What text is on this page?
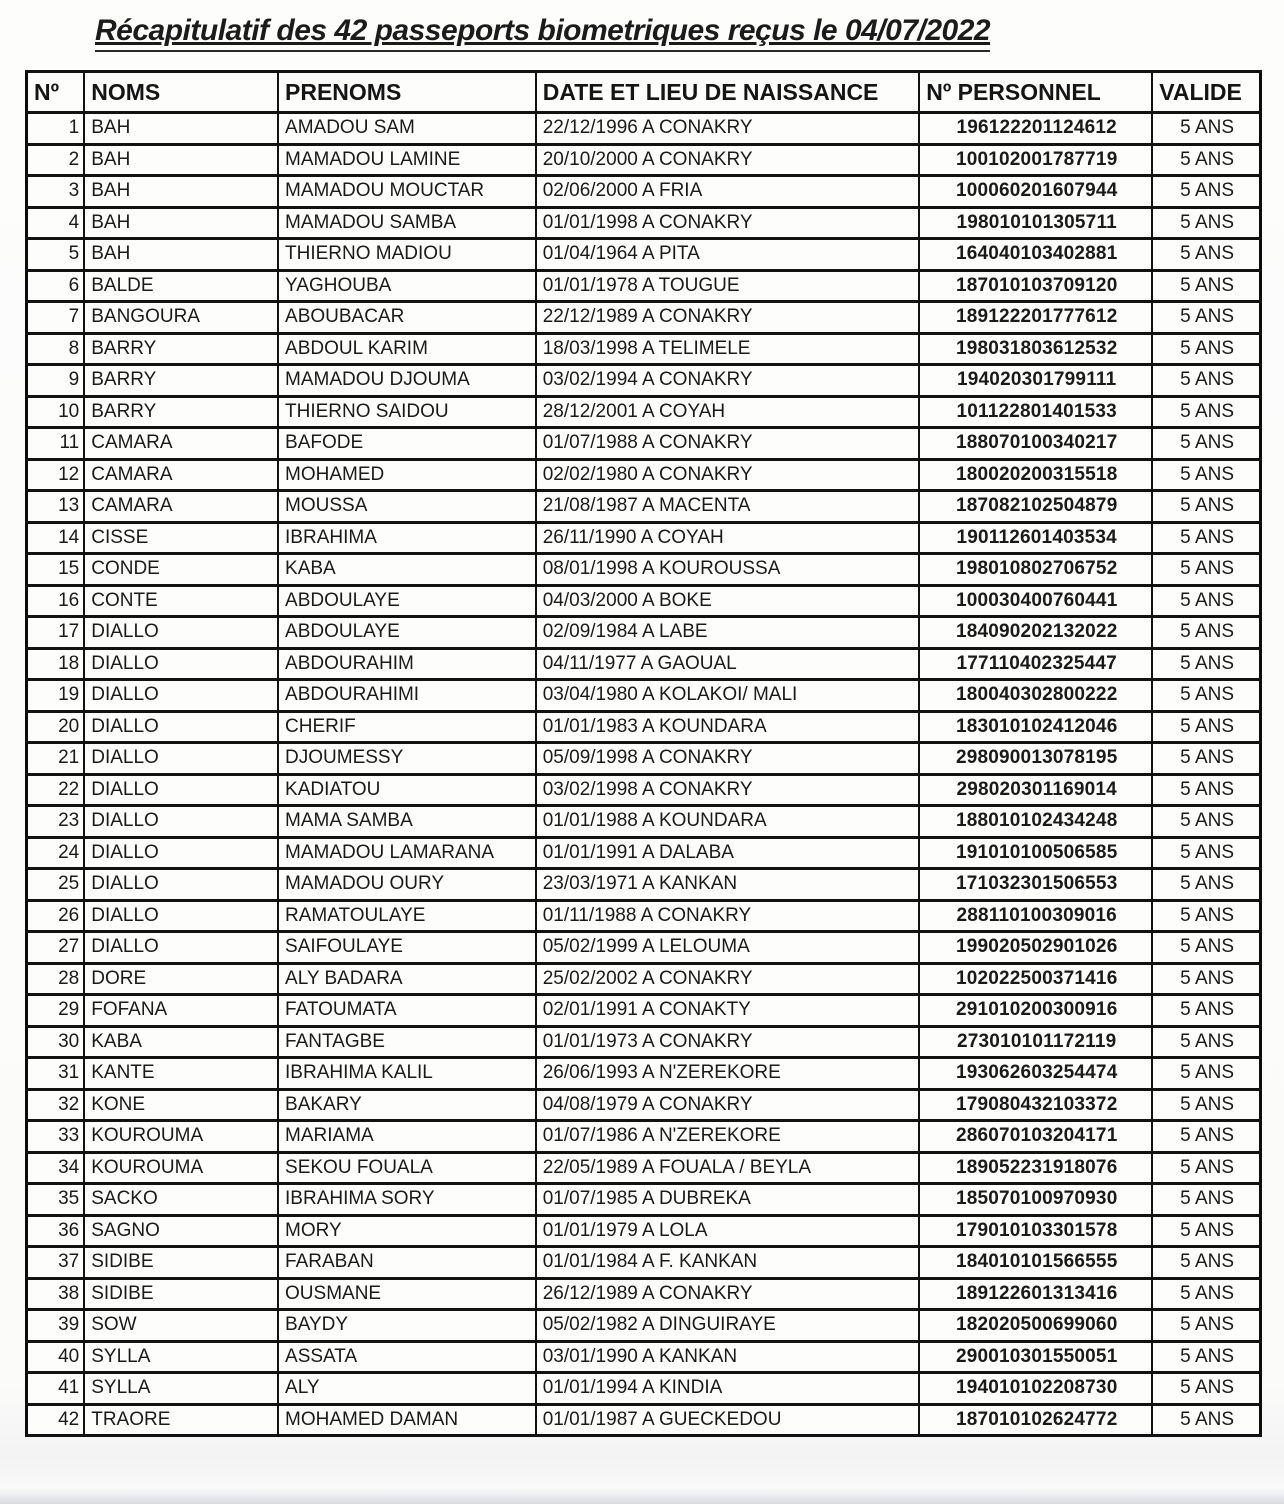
Récapitulatif des 42 passeports biometriques reçus le 04/07/2022
Nº	NOMS	PRENOMS	DATE ET LIEU DE NAISSANCE	Nº PERSONNEL	VALIDE
1	BAH	AMADOU SAM	22/12/1996 A CONAKRY	196122201124612	5 ANS
2	BAH	MAMADOU LAMINE	20/10/2000 A CONAKRY	100102001787719	5 ANS
3	BAH	MAMADOU MOUCTAR	02/06/2000 A FRIA	100060201607944	5 ANS
4	BAH	MAMADOU SAMBA	01/01/1998 A CONAKRY	198010101305711	5 ANS
5	BAH	THIERNO MADIOU	01/04/1964 A PITA	164040103402881	5 ANS
6	BALDE	YAGHOUBA	01/01/1978 A TOUGUE	187010103709120	5 ANS
7	BANGOURA	ABOUBACAR	22/12/1989 A CONAKRY	189122201777612	5 ANS
8	BARRY	ABDOUL KARIM	18/03/1998 A TELIMELE	198031803612532	5 ANS
9	BARRY	MAMADOU DJOUMA	03/02/1994 A CONAKRY	194020301799111	5 ANS
10	BARRY	THIERNO SAIDOU	28/12/2001 A COYAH	101122801401533	5 ANS
11	CAMARA	BAFODE	01/07/1988 A CONAKRY	188070100340217	5 ANS
12	CAMARA	MOHAMED	02/02/1980 A CONAKRY	180020200315518	5 ANS
13	CAMARA	MOUSSA	21/08/1987 A MACENTA	187082102504879	5 ANS
14	CISSE	IBRAHIMA	26/11/1990 A COYAH	190112601403534	5 ANS
15	CONDE	KABA	08/01/1998 A KOUROUSSA	198010802706752	5 ANS
16	CONTE	ABDOULAYE	04/03/2000 A BOKE	100030400760441	5 ANS
17	DIALLO	ABDOULAYE	02/09/1984 A LABE	184090202132022	5 ANS
18	DIALLO	ABDOURAHIM	04/11/1977 A GAOUAL	177110402325447	5 ANS
19	DIALLO	ABDOURAHIMI	03/04/1980 A KOLAKOI/ MALI	180040302800222	5 ANS
20	DIALLO	CHERIF	01/01/1983 A KOUNDARA	183010102412046	5 ANS
21	DIALLO	DJOUMESSY	05/09/1998 A CONAKRY	298090013078195	5 ANS
22	DIALLO	KADIATOU	03/02/1998 A CONAKRY	298020301169014	5 ANS
23	DIALLO	MAMA SAMBA	01/01/1988 A KOUNDARA	188010102434248	5 ANS
24	DIALLO	MAMADOU LAMARANA	01/01/1991 A DALABA	191010100506585	5 ANS
25	DIALLO	MAMADOU OURY	23/03/1971 A KANKAN	171032301506553	5 ANS
26	DIALLO	RAMATOULAYE	01/11/1988 A CONAKRY	288110100309016	5 ANS
27	DIALLO	SAIFOULAYE	05/02/1999 A LELOUMA	199020502901026	5 ANS
28	DORE	ALY BADARA	25/02/2002 A CONAKRY	102022500371416	5 ANS
29	FOFANA	FATOUMATA	02/01/1991 A CONAKTY	291010200300916	5 ANS
30	KABA	FANTAGBE	01/01/1973 A CONAKRY	273010101172119	5 ANS
31	KANTE	IBRAHIMA KALIL	26/06/1993 A N'ZEREKORE	193062603254474	5 ANS
32	KONE	BAKARY	04/08/1979 A CONAKRY	179080432103372	5 ANS
33	KOUROUMA	MARIAMA	01/07/1986 A N'ZEREKORE	286070103204171	5 ANS
34	KOUROUMA	SEKOU FOUALA	22/05/1989 A FOUALA / BEYLA	189052231918076	5 ANS
35	SACKO	IBRAHIMA SORY	01/07/1985 A DUBREKA	185070100970930	5 ANS
36	SAGNO	MORY	01/01/1979 A LOLA	179010103301578	5 ANS
37	SIDIBE	FARABAN	01/01/1984 A F. KANKAN	184010101566555	5 ANS
38	SIDIBE	OUSMANE	26/12/1989 A CONAKRY	189122601313416	5 ANS
39	SOW	BAYDY	05/02/1982 A DINGUIRAYE	182020500699060	5 ANS
40	SYLLA	ASSATA	03/01/1990 A KANKAN	290010301550051	5 ANS
41	SYLLA	ALY	01/01/1994 A KINDIA	194010102208730	5 ANS
42	TRAORE	MOHAMED DAMAN	01/01/1987 A GUECKEDOU	187010102624772	5 ANS
